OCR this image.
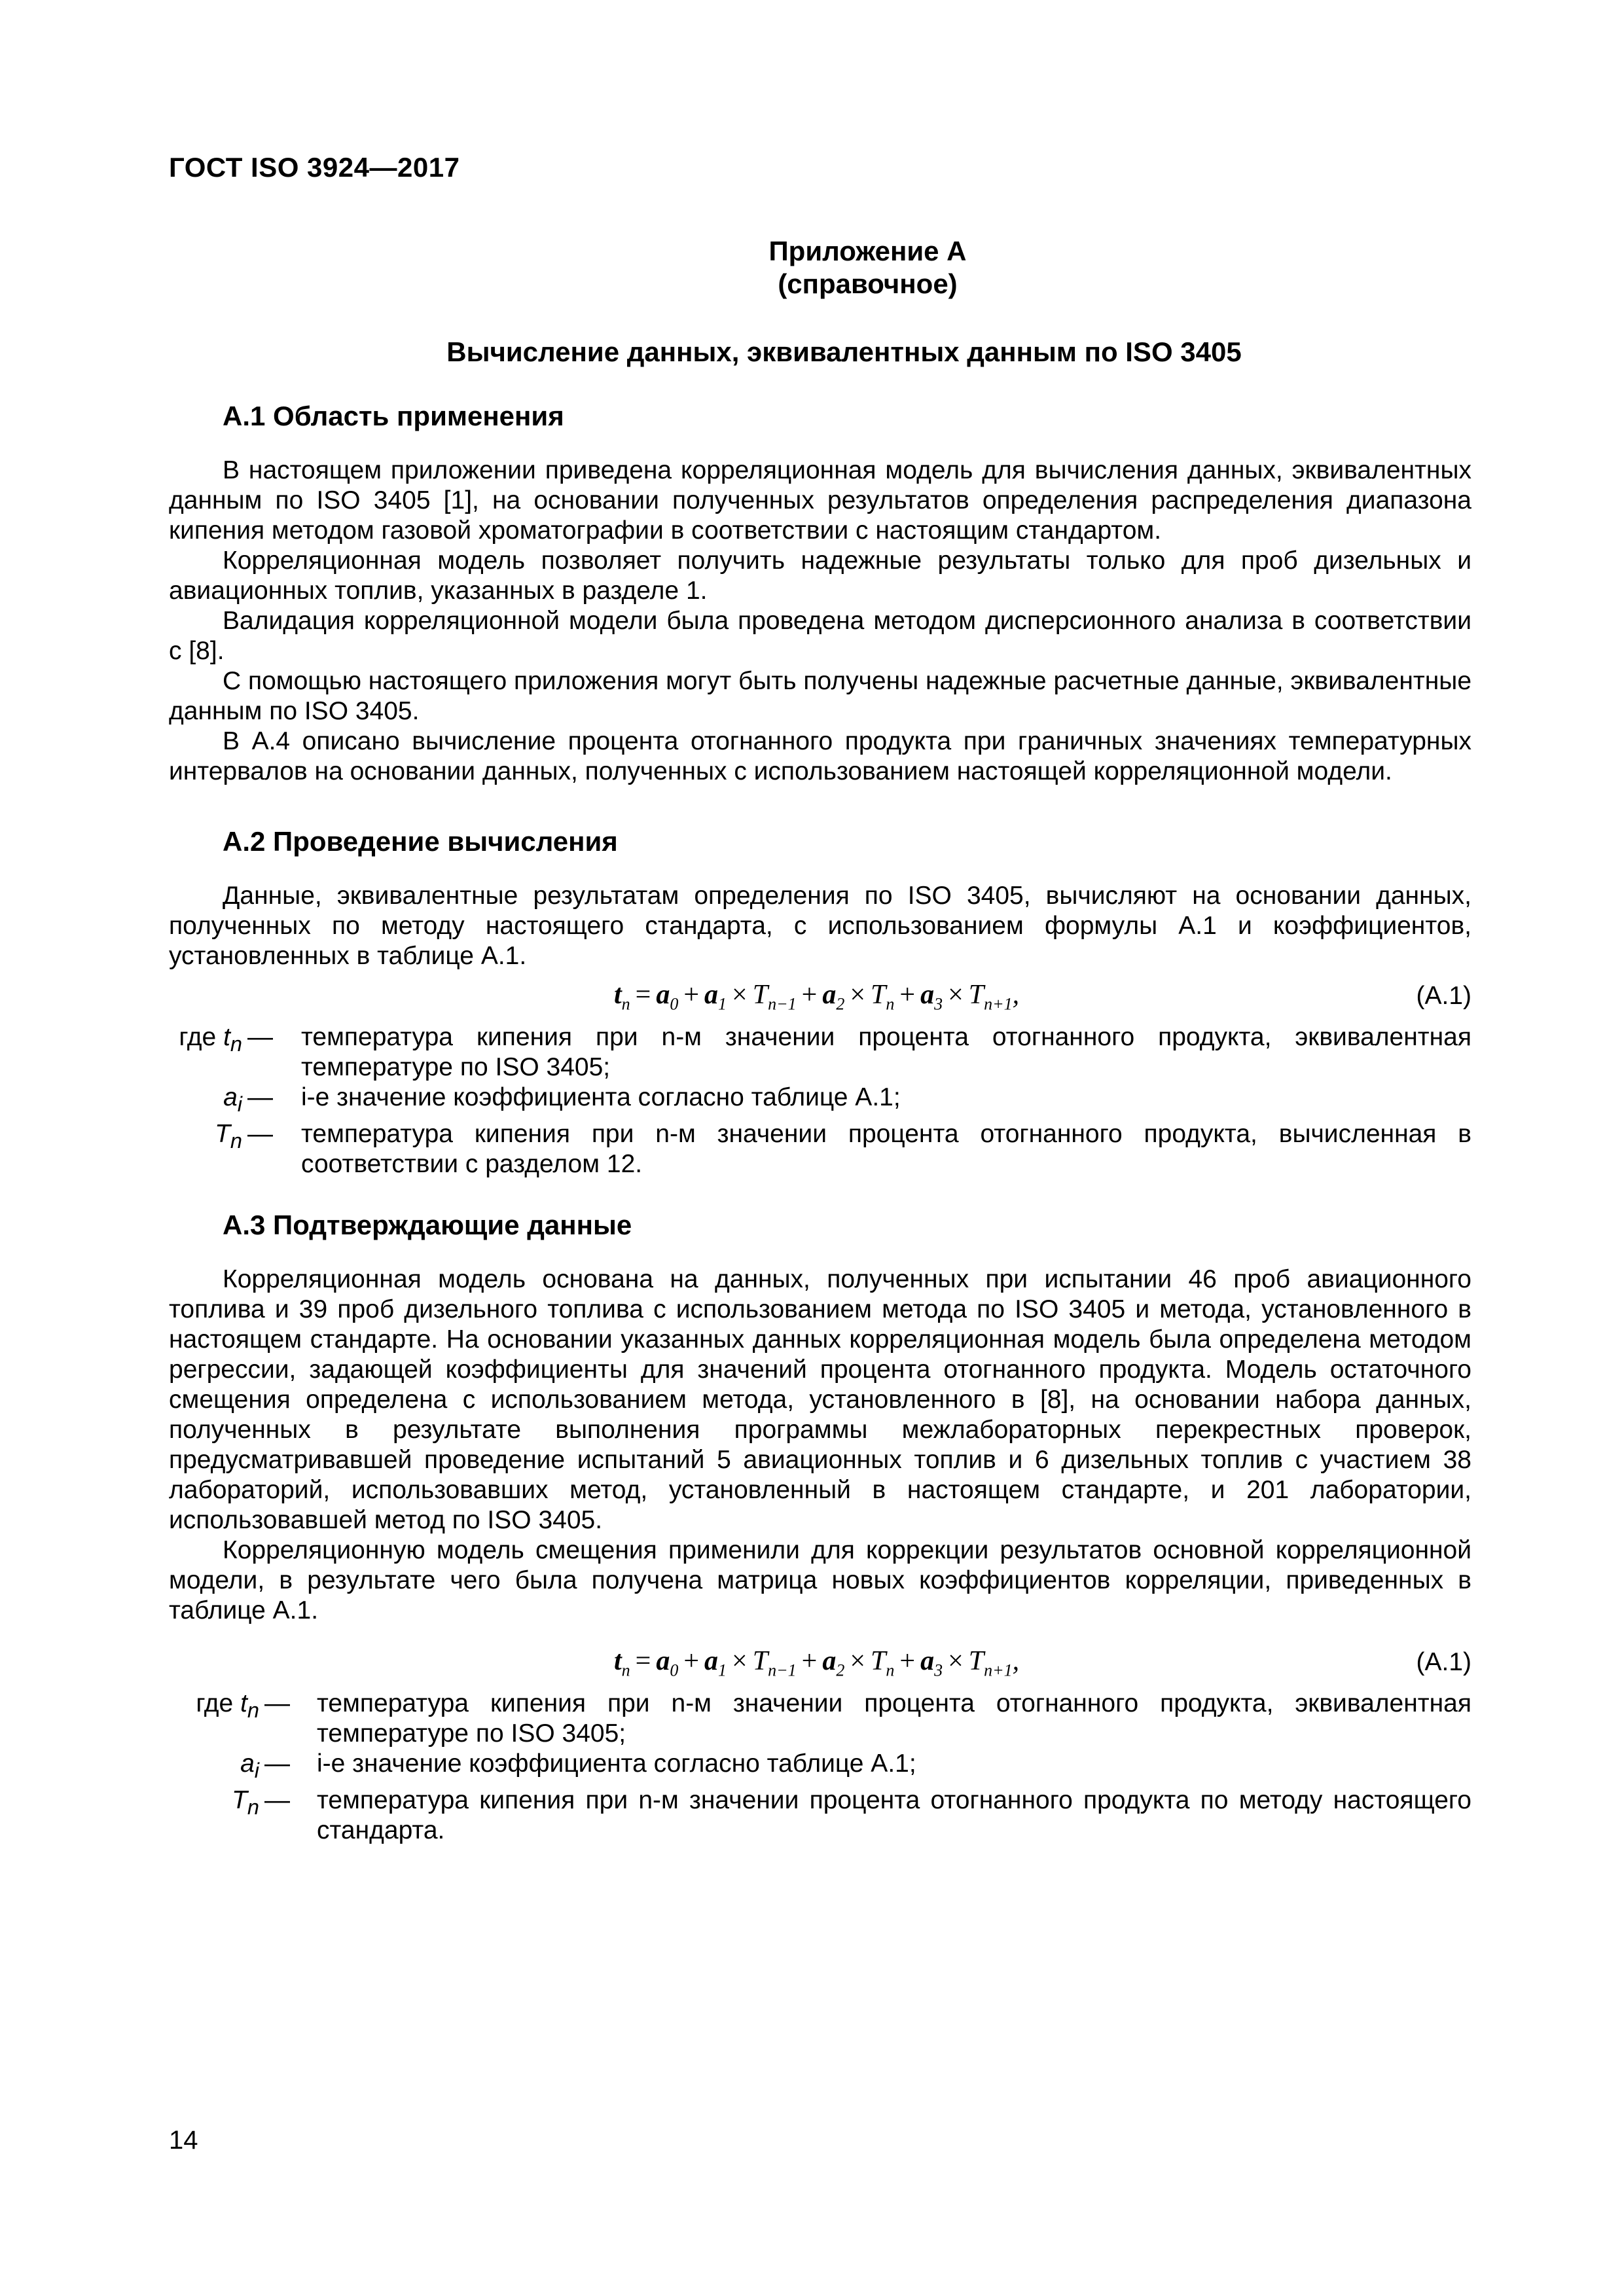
ГОСТ ISO 3924—2017
Приложение А
(справочное)
Вычисление данных, эквивалентных данным по ISO 3405
А.1 Область применения

В настоящем приложении приведена корреляционная модель для вычисления данных, эквивалентных данным по ISO 3405 [1], на основании полученных результатов определения распределения диапазона кипения методом газовой хроматографии в соответствии с настоящим стандартом.

Корреляционная модель позволяет получить надежные результаты только для проб дизельных и авиационных топлив, указанных в разделе 1.

Валидация корреляционной модели была проведена методом дисперсионного анализа в соответствии с [8].

С помощью настоящего приложения могут быть получены надежные расчетные данные, эквивалентные данным по ISO 3405.

В А.4 описано вычисление процента отогнанного продукта при граничных значениях температурных интервалов на основании данных, полученных с использованием настоящей корреляционной модели.

А.2 Проведение вычисления

Данные, эквивалентные результатам определения по ISO 3405, вычисляют на основании данных, полученных по методу настоящего стандарта, с использованием формулы А.1 и коэффициентов, установленных в таблице А.1.

$t_n = a_0 + a_1 \times T_{n-1} + a_2 \times T_n + a_3 \times T_{n+1}$,	(А.1)
где $t_n$ —	температура кипения при n-м значении процента отогнанного продукта, эквивалентная температуре по ISO 3405;
$a_i$ —	i-е значение коэффициента согласно таблице А.1;
$T_n$ —	температура кипения при n-м значении процента отогнанного продукта, вычисленная в соответствии с разделом 12.
А.3 Подтверждающие данные

Корреляционная модель основана на данных, полученных при испытании 46 проб авиационного топлива и 39 проб дизельного топлива с использованием метода по ISO 3405 и метода, установленного в настоящем стандарте. На основании указанных данных корреляционная модель была определена методом регрессии, задающей коэффициенты для значений процента отогнанного продукта. Модель остаточного смещения определена с использованием метода, установленного в [8], на основании набора данных, полученных в результате выполнения программы межлабораторных перекрестных проверок, предусматривавшей проведение испытаний 5 авиационных топлив и 6 дизельных топлив с участием 38 лабораторий, использовавших метод, установленный в настоящем стандарте, и 201 лаборатории, использовавшей метод по ISO 3405.

Корреляционную модель смещения применили для коррекции результатов основной корреляционной модели, в результате чего была получена матрица новых коэффициентов корреляции, приведенных в таблице А.1.

$t_n = a_0 + a_1 \times T_{n-1} + a_2 \times T_n + a_3 \times T_{n+1}$,	(А.1)
где $t_n$ —	температура кипения при n-м значении процента отогнанного продукта, эквивалентная температуре по ISO 3405;
$a_i$ —	i-е значение коэффициента согласно таблице А.1;
$T_n$ —	температура кипения при n-м значении процента отогнанного продукта по методу настоящего стандарта.
14
